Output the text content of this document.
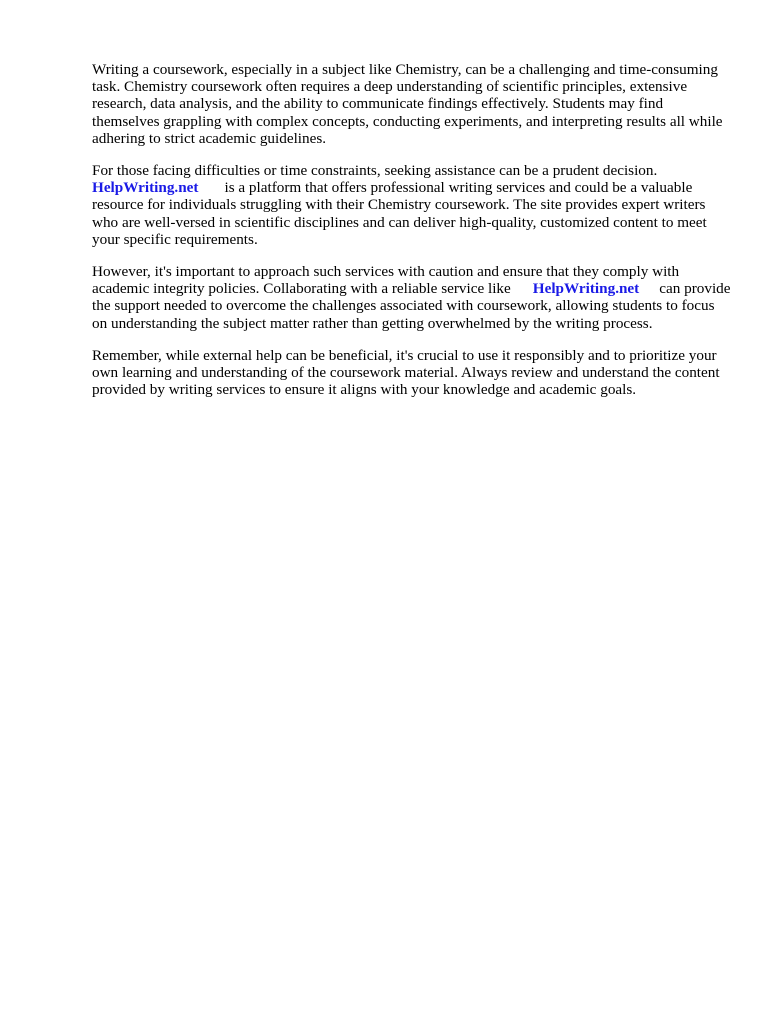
Writing a coursework, especially in a subject like Chemistry, can be a challenging and time-consuming task. Chemistry coursework often requires a deep understanding of scientific principles, extensive research, data analysis, and the ability to communicate findings effectively. Students may find themselves grappling with complex concepts, conducting experiments, and interpreting results all while adhering to strict academic guidelines.

For those facing difficulties or time constraints, seeking assistance can be a prudent decision.
HelpWriting.net is a platform that offers professional writing services and could be a valuable resource for individuals struggling with their Chemistry coursework. The site provides expert writers who are well-versed in scientific disciplines and can deliver high-quality, customized content to meet your specific requirements.

However, it's important to approach such services with caution and ensure that they comply with academic integrity policies. Collaborating with a reliable service like HelpWriting.net can provide the support needed to overcome the challenges associated with coursework, allowing students to focus on understanding the subject matter rather than getting overwhelmed by the writing process.

Remember, while external help can be beneficial, it's crucial to use it responsibly and to prioritize your own learning and understanding of the coursework material. Always review and understand the content provided by writing services to ensure it aligns with your knowledge and academic goals.
